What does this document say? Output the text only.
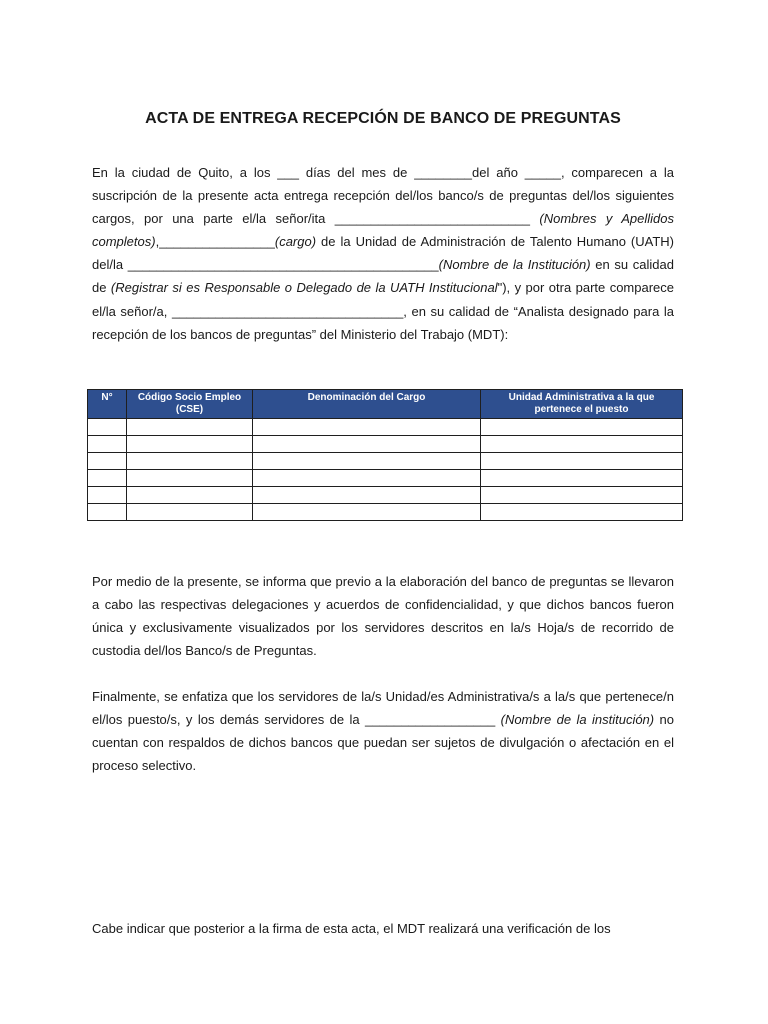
ACTA DE ENTREGA RECEPCIÓN DE BANCO DE PREGUNTAS

En la ciudad de Quito, a los ___ días del mes de ________del año _____, comparecen a la suscripción de la presente acta entrega recepción del/los banco/s de preguntas del/los siguientes cargos, por una parte el/la señor/ita ___________________________ (Nombres y Apellidos completos),________________(cargo) de la Unidad de Administración de Talento Humano (UATH) del/la ___________________________________________(Nombre de la Institución) en su calidad de (Registrar si es Responsable o Delegado de la UATH Institucional"), y por otra parte comparece el/la señor/a, ________________________________, en su calidad de “Analista designado para la recepción de los bancos de preguntas” del Ministerio del Trabajo (MDT):

N°	Código Socio Empleo (CSE)	Denominación del Cargo	Unidad Administrativa a la que pertenece el puesto

Por medio de la presente, se informa que previo a la elaboración del banco de preguntas se llevaron a cabo las respectivas delegaciones y acuerdos de confidencialidad, y que dichos bancos fueron única y exclusivamente visualizados por los servidores descritos en la/s Hoja/s de recorrido de custodia del/los Banco/s de Preguntas.

Finalmente, se enfatiza que los servidores de la/s Unidad/es Administrativa/s a la/s que pertenece/n el/los puesto/s, y los demás servidores de la __________________ (Nombre de la institución) no cuentan con respaldos de dichos bancos que puedan ser sujetos de divulgación o afectación en el proceso selectivo.

Cabe indicar que posterior a la firma de esta acta, el MDT realizará una verificación de los
